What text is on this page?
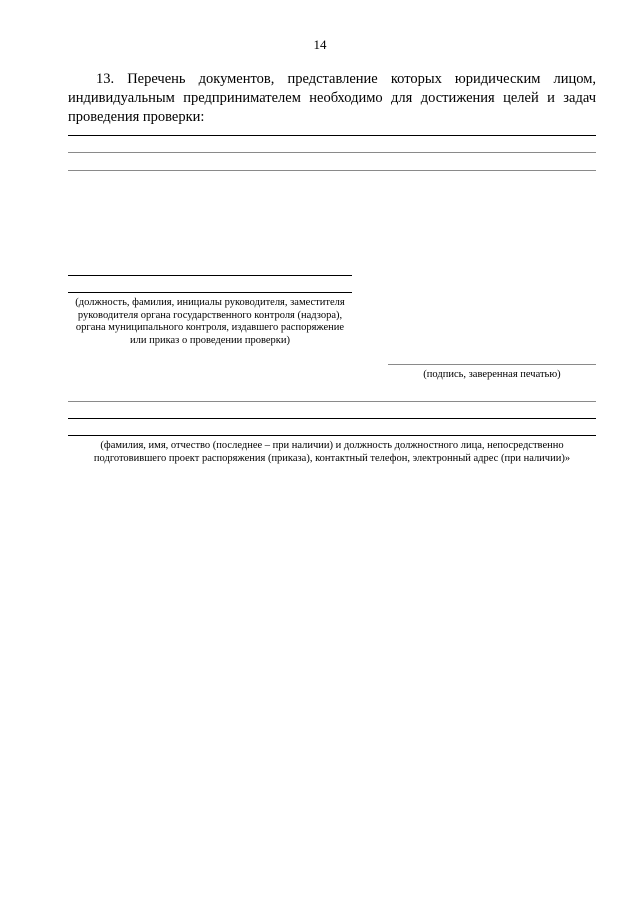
14

13. Перечень документов, представление которых юридическим лицом, индивидуальным предпринимателем необходимо для достижения целей и задач проведения проверки:

(должность, фамилия, инициалы руководителя, заместителя
руководителя органа государственного контроля (надзора),
органа муниципального контроля, издавшего распоряжение
или приказ о проведении проверки)
(подпись, заверенная печатью)
(фамилия, имя, отчество (последнее – при наличии) и должность должностного лица, непосредственно
подготовившего проект распоряжения (приказа), контактный телефон, электронный адрес (при наличии)»
